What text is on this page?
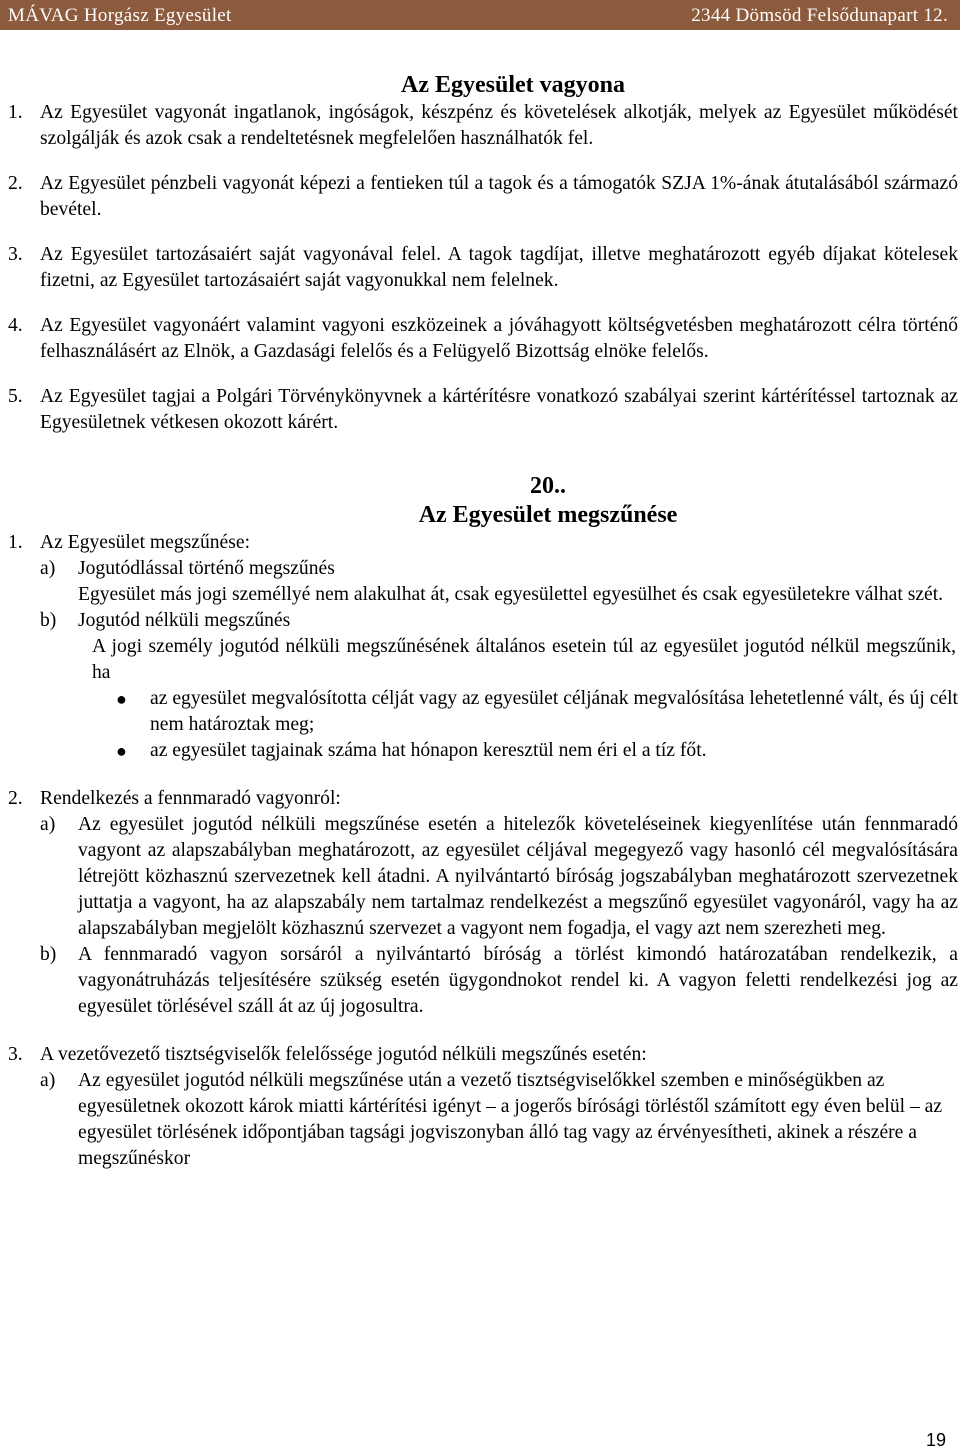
MÁVAG Horgász Egyesület	2344 Dömsöd Felsődunapart 12.
Az Egyesület vagyona
1. Az Egyesület vagyonát ingatlanok, ingóságok, készpénz és követelések alkotják, melyek az Egyesület működését szolgálják és azok csak a rendeltetésnek megfelelően használhatók fel.
2. Az Egyesület pénzbeli vagyonát képezi a fentieken túl a tagok és a támogatók SZJA 1%-ának átutalásából származó bevétel.
3. Az Egyesület tartozásaiért saját vagyonával felel. A tagok tagdíjat, illetve meghatározott egyéb díjakat kötelesek fizetni, az Egyesület tartozásaiért saját vagyonukkal nem felelnek.
4. Az Egyesület vagyonáért valamint vagyoni eszközeinek a jóváhagyott költségvetésben meghatározott célra történő felhasználásért az Elnök, a Gazdasági felelős és a Felügyelő Bizottság elnöke felelős.
5. Az Egyesület tagjai a Polgári Törvénykönyvnek a kártérítésre vonatkozó szabályai szerint kártérítéssel tartoznak az Egyesületnek vétkesen okozott kárért.
20..
Az Egyesület megszűnése
1. Az Egyesület megszűnése:
a) Jogutódlással történő megszűnés
Egyesület más jogi személlyé nem alakulhat át, csak egyesülettel egyesülhet és csak egyesületekre válhat szét.
b) Jogutód nélküli megszűnés
A jogi személy jogutód nélküli megszűnésének általános esetein túl az egyesület jogutód nélkül megszűnik, ha
● az egyesület megvalósította célját vagy az egyesület céljának megvalósítása lehetetlenné vált, és új célt nem határoztak meg;
● az egyesület tagjainak száma hat hónapon keresztül nem éri el a tíz főt.
2. Rendelkezés a fennmaradó vagyonról:
a) Az egyesület jogutód nélküli megszűnése esetén a hitelezők követeléseinek kiegyenlítése után fennmaradó vagyont az alapszabályban meghatározott, az egyesület céljával megegyező vagy hasonló cél megvalósítására létrejött közhasznú szervezetnek kell átadni. A nyilvántartó bíróság jogszabályban meghatározott szervezetnek juttatja a vagyont, ha az alapszabály nem tartalmaz rendelkezést a megszűnő egyesület vagyonáról, vagy ha az alapszabályban megjelölt közhasznú szervezet a vagyont nem fogadja, el vagy azt nem szerezheti meg.
b) A fennmaradó vagyon sorsáról a nyilvántartó bíróság a törlést kimondó határozatában rendelkezik, a vagyonátruházás teljesítésére szükség esetén ügygondnokot rendel ki. A vagyon feletti rendelkezési jog az egyesület törlésével száll át az új jogosultra.
3. A vezetővezető tisztségviselők felelőssége jogutód nélküli megszűnés esetén:
a) Az egyesület jogutód nélküli megszűnése után a vezető tisztségviselőkkel szemben e minőségükben az egyesületnek okozott károk miatti kártérítési igényt – a jogerős bírósági törléstől számított egy éven belül – az egyesület törlésének időpontjában tagsági jogviszonyban álló tag vagy az érvényesítheti, akinek a részére a megszűnéskor
19
